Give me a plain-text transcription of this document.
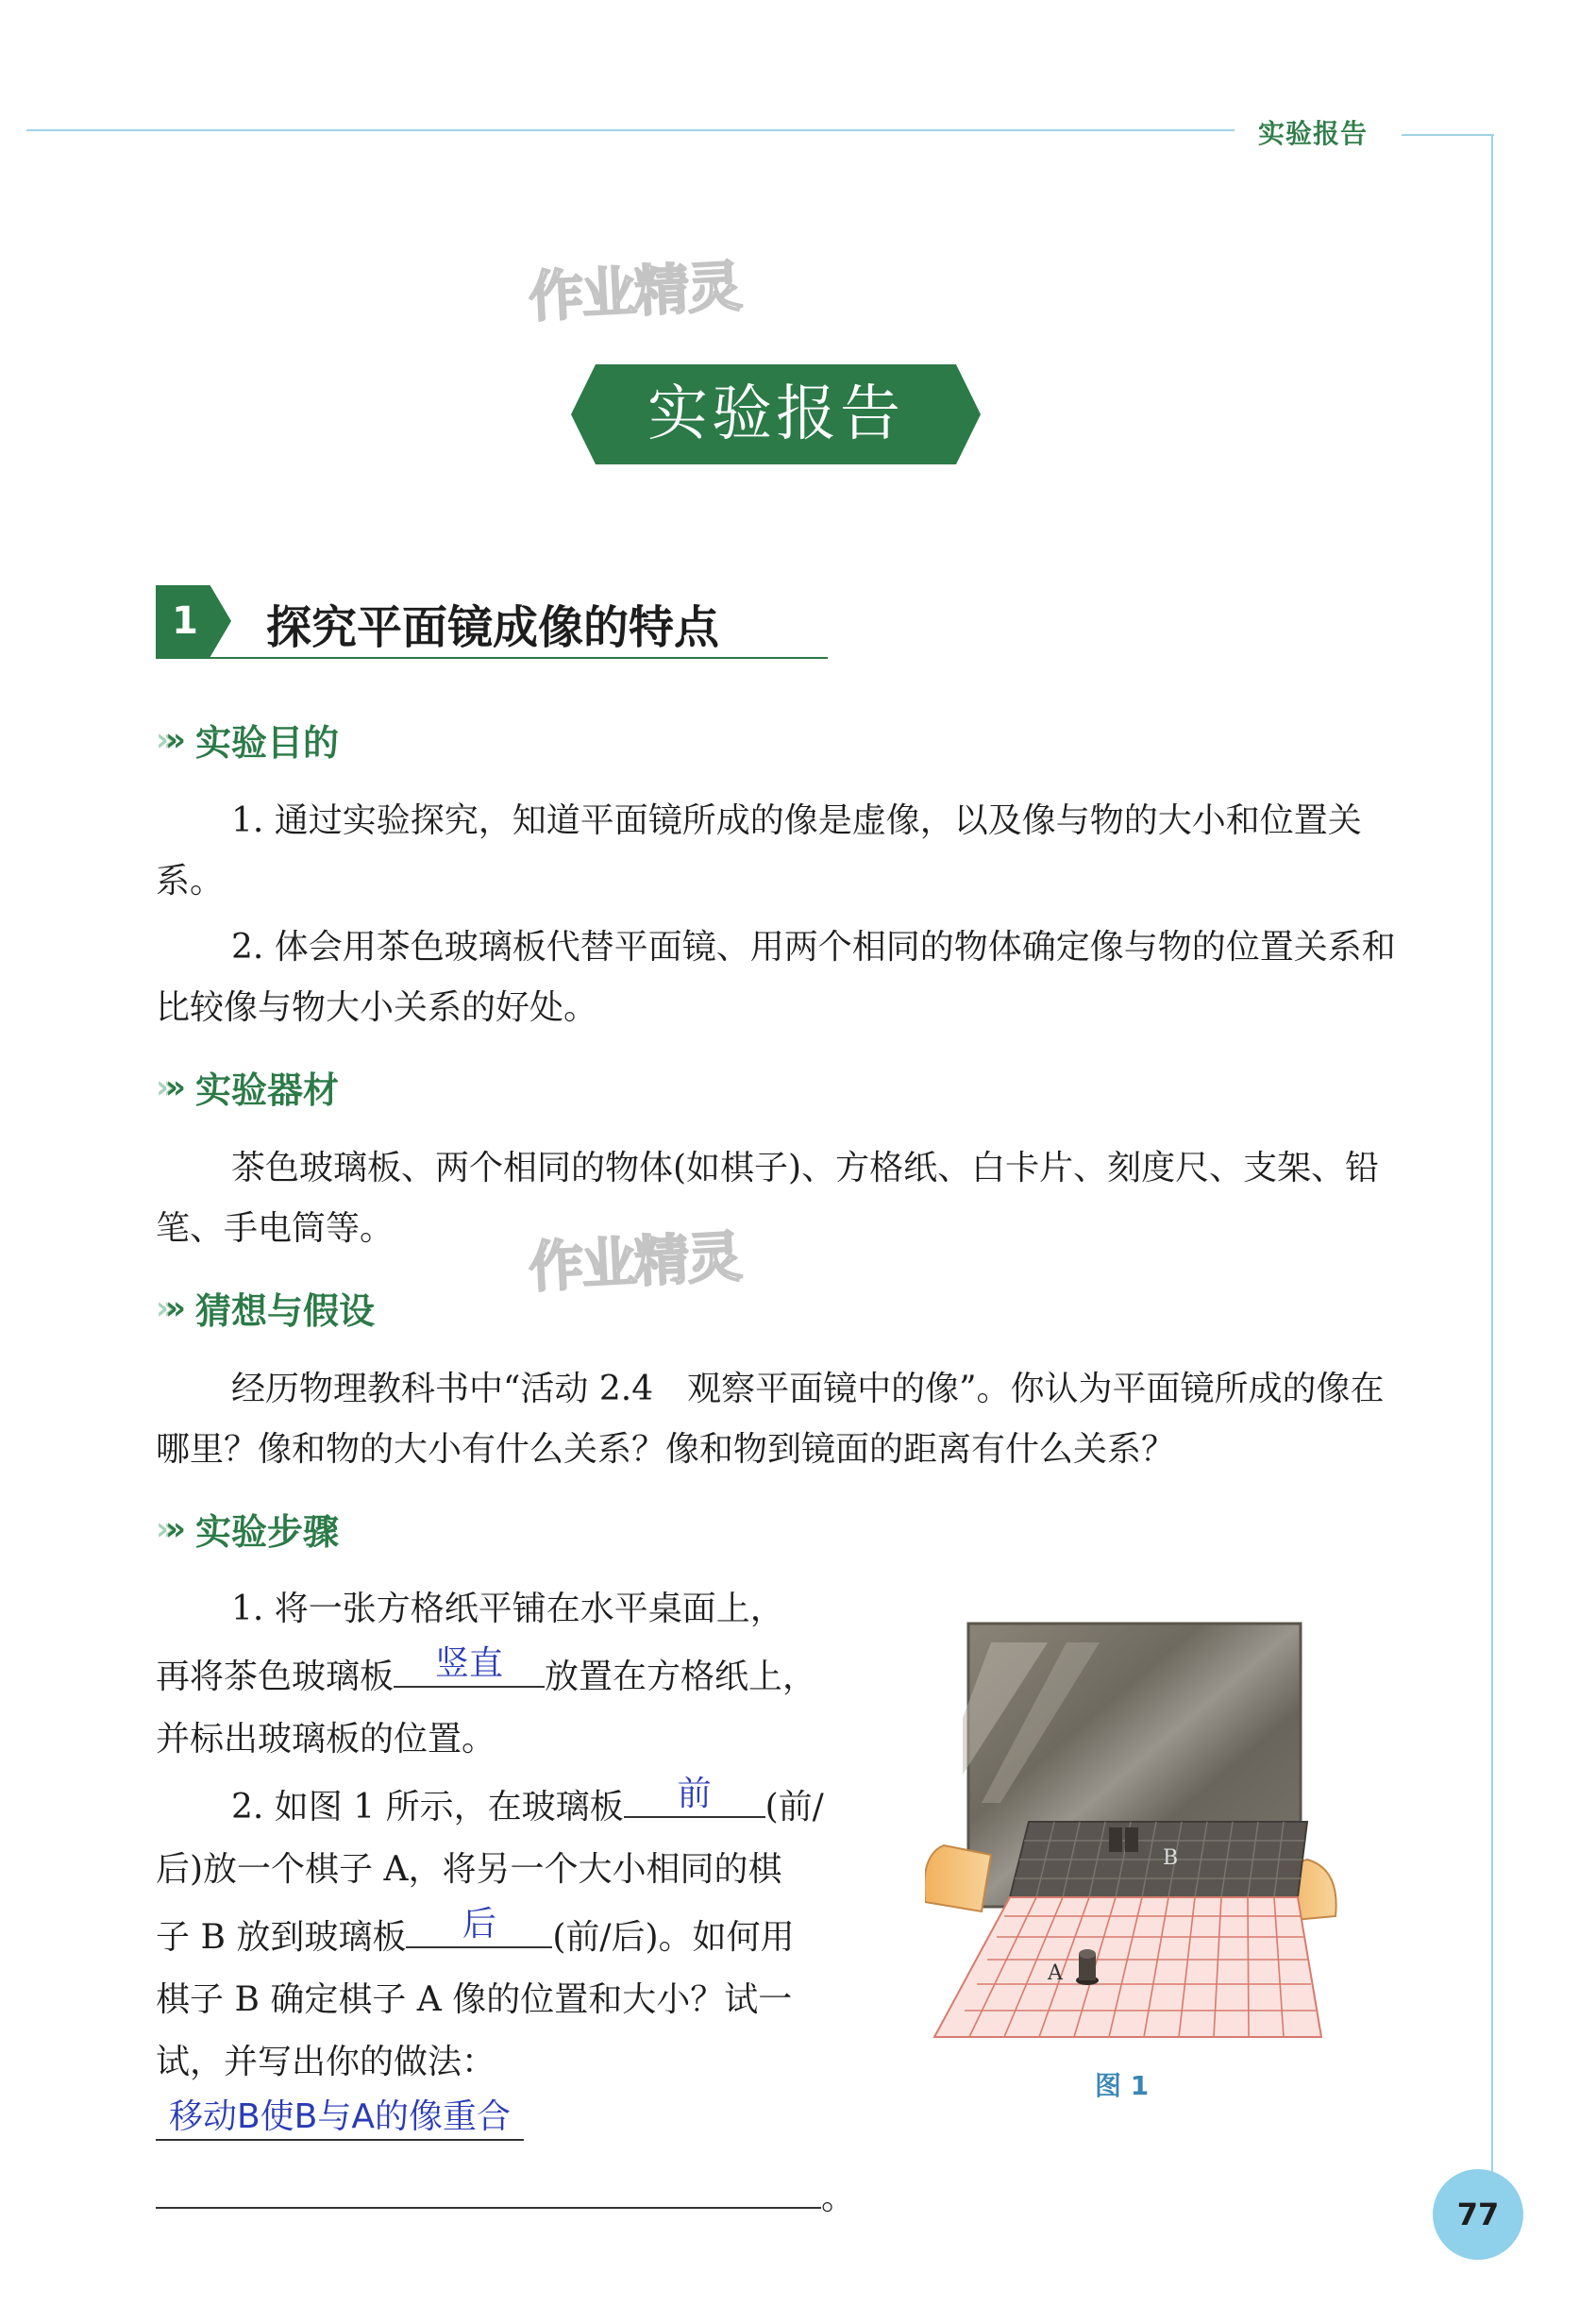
实验报告
作业精灵
作业精灵
实验报告
1	探究平面镜成像的特点
»» 实验目的

1. 通过实验探究，知道平面镜所成的像是虚像，以及像与物的大小和位置关系。

2. 体会用茶色玻璃板代替平面镜、用两个相同的物体确定像与物的位置关系和比较像与物大小关系的好处。

»» 实验器材

茶色玻璃板、两个相同的物体(如棋子)、方格纸、白卡片、刻度尺、支架、铅笔、手电筒等。

»» 猜想与假设

经历物理教科书中“活动 2.4　观察平面镜中的像”。你认为平面镜所成的像在哪里？像和物的大小有什么关系？像和物到镜面的距离有什么关系？

»» 实验步骤
1. 将一张方格纸平铺在水平桌面上，
再将茶色玻璃板	竖直	放置在方格纸上，
并标出玻璃板的位置。
2. 如图 1 所示，在玻璃板	前	(前/
后)放一个棋子 A，将另一个大小相同的棋
子 B 放到玻璃板	后	(前/后)。如何用
棋子 B 确定棋子 A 像的位置和大小？试一
试，并写出你的做法：
移动B使B与A的像重合
。
B
A
图 1
77
